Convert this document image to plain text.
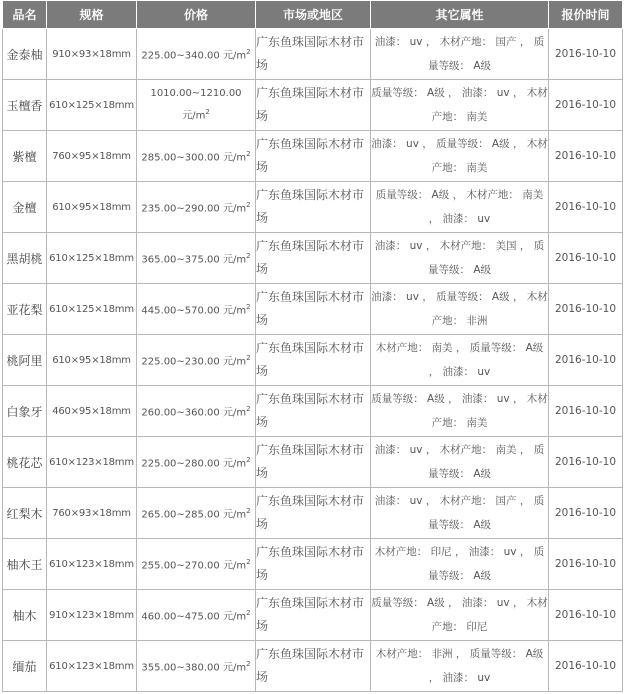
品名	规格	价格	市场或地区	其它属性	报价时间
金泰柚	910×93×18mm	225.00~340.00 元$/m^2$	广东鱼珠国际木材市场	油漆： uv ， 木材产地： 国产 ， 质量等级： A级	2016-10-10
玉檀香	610×125×18mm	1010.00~1210.00 元$/m^2$	广东鱼珠国际木材市场	质量等级： A级 ， 油漆： uv ， 木材产地： 南美	2016-10-10
紫檀	760×95×18mm	285.00~300.00 元$/m^2$	广东鱼珠国际木材市场	油漆： uv ， 质量等级： A级 ， 木材产地： 南美	2016-10-10
金檀	610×95×18mm	235.00~290.00 元$/m^2$	广东鱼珠国际木材市场	质量等级： A级 ， 木材产地： 南美 ， 油漆： uv	2016-10-10
黑胡桃	610×125×18mm	365.00~375.00 元$/m^2$	广东鱼珠国际木材市场	油漆： uv ， 木材产地： 美国 ， 质量等级： A级	2016-10-10
亚花梨	610×125×18mm	445.00~570.00 元$/m^2$	广东鱼珠国际木材市场	油漆： uv ， 质量等级： A级 ， 木材产地： 非洲	2016-10-10
桃阿里	610×95×18mm	225.00~230.00 元$/m^2$	广东鱼珠国际木材市场	木材产地： 南美 ， 质量等级： A级 ， 油漆： uv	2016-10-10
白象牙	460×95×18mm	260.00~360.00 元$/m^2$	广东鱼珠国际木材市场	质量等级： A级 ， 油漆： uv ， 木材产地： 南美	2016-10-10
桃花芯	610×123×18mm	225.00~280.00 元$/m^2$	广东鱼珠国际木材市场	油漆： uv ， 木材产地： 南美 ， 质量等级： A级	2016-10-10
红梨木	760×93×18mm	265.00~285.00 元$/m^2$	广东鱼珠国际木材市场	油漆： uv ， 木材产地： 国产 ， 质量等级： A级	2016-10-10
柚木王	610×123×18mm	255.00~270.00 元$/m^2$	广东鱼珠国际木材市场	木材产地： 印尼 ， 油漆： uv ， 质量等级： A级	2016-10-10
柚木	910×123×18mm	460.00~475.00 元$/m^2$	广东鱼珠国际木材市场	质量等级： A级 ， 油漆： uv ， 木材产地： 印尼	2016-10-10
缅茄	610×123×18mm	355.00~380.00 元$/m^2$	广东鱼珠国际木材市场	木材产地： 非洲 ， 质量等级： A级 ， 油漆： uv	2016-10-10
